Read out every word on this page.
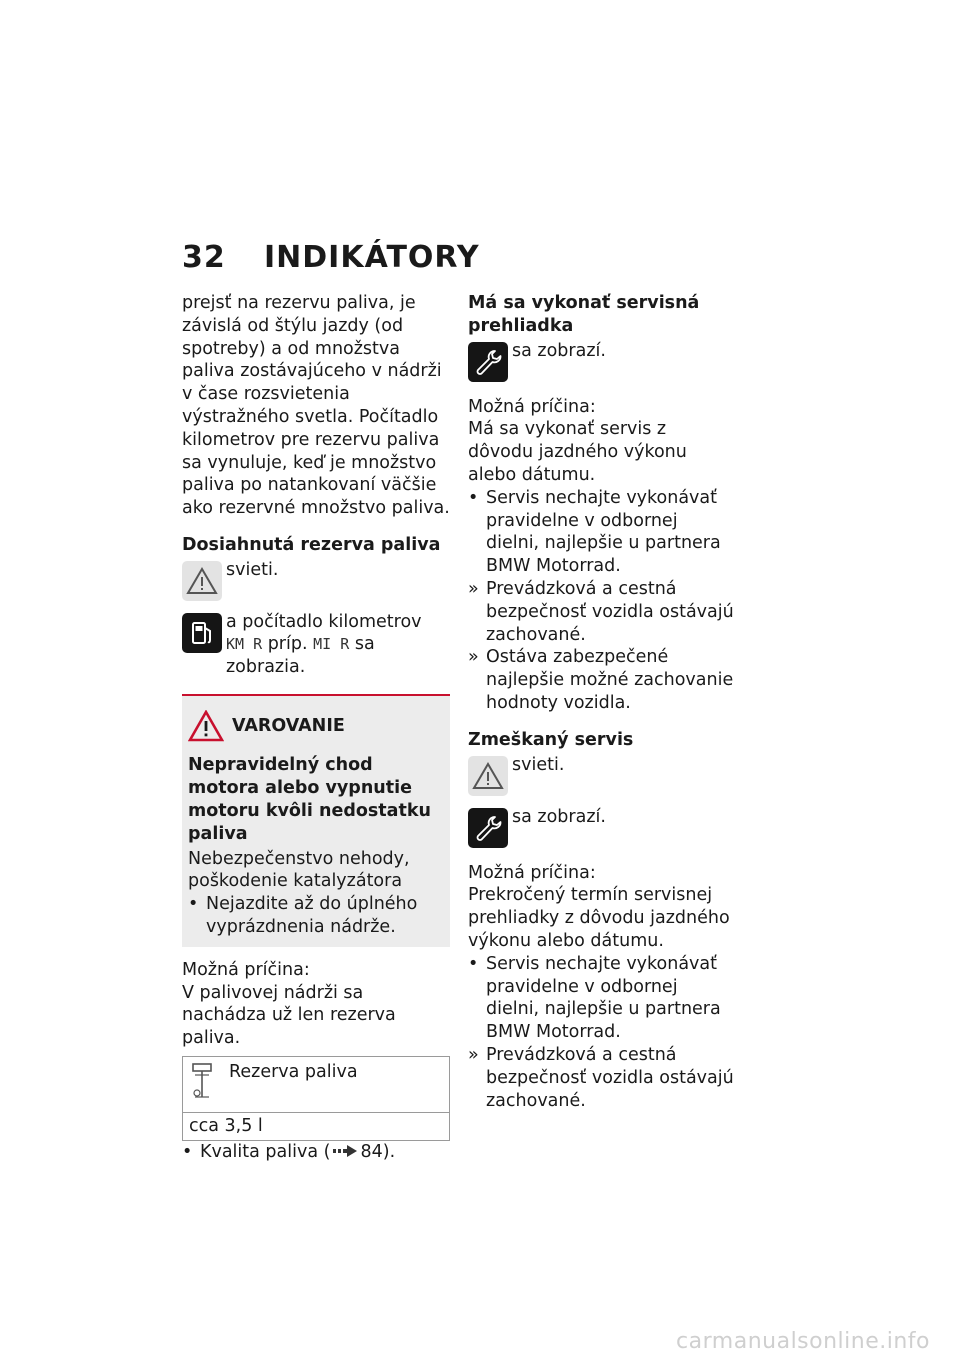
32 INDIKÁTORY

prejsť na rezervu paliva, je závislá od štýlu jazdy (od spotreby) a od množstva paliva zostávajúceho v nádrži v čase rozsvietenia výstražného svetla. Počítadlo kilometrov pre rezervu paliva sa vynuluje, keď je množstvo paliva po natankovaní väčšie ako rezervné množstvo paliva.

Dosiahnutá rezerva paliva

svieti.
a počítadlo kilometrov

KM R príp. MI R sa zobrazia.

VAROVANIE

Nepravidelný chod motora alebo vypnutie motoru kvôli nedostatku paliva

Nebezpečenstvo nehody, poškodenie katalyzátora

• Nejazdite až do úplného vyprázdnenia nádrže.

Možná príčina:

V palivovej nádrži sa nachádza už len rezerva paliva.

Rezerva paliva
cca 3,5 l
• Kvalita paliva ( 84).

Má sa vykonať servisná prehliadka

sa zobrazí.

Možná príčina:

Má sa vykonať servis z dôvodu jazdného výkonu alebo dátumu.

• Servis nechajte vykonávať pravidelne v odbornej dielni, najlepšie u partnera BMW Motorrad.
» Prevádzková a cestná bezpečnosť vozidla ostávajú zachované.
» Ostáva zabezpečené najlepšie možné zachovanie hodnoty vozidla.

Zmeškaný servis

svieti.
sa zobrazí.

Možná príčina:

Prekročený termín servisnej prehliadky z dôvodu jazdného výkonu alebo dátumu.

• Servis nechajte vykonávať pravidelne v odbornej dielni, najlepšie u partnera BMW Motorrad.
» Prevádzková a cestná bezpečnosť vozidla ostávajú zachované.
carmanualsonline.info
